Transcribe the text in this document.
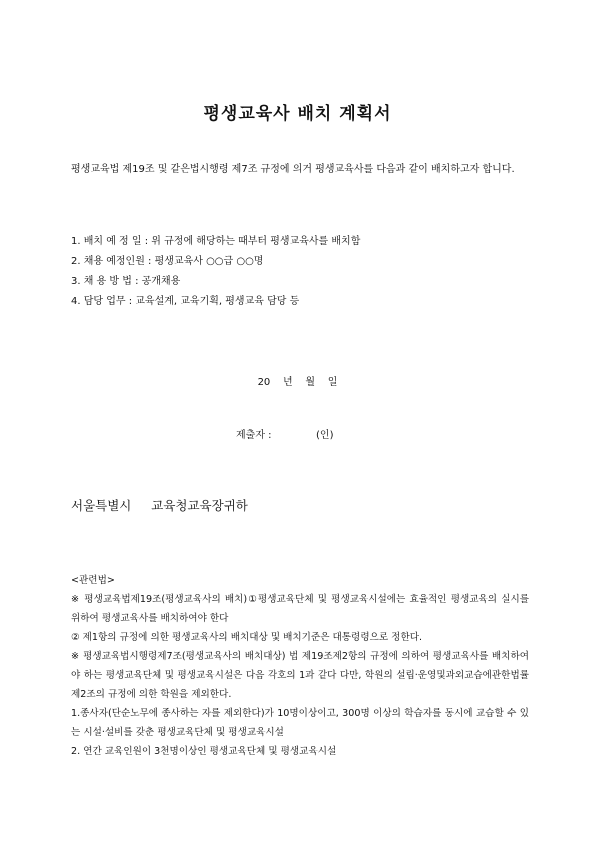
평생교육사 배치 계획서
평생교육법 제19조 및 같은법시행령 제7조 규정에 의거 평생교육사를 다음과 같이 배치하고자 합니다.
1. 배치 예 정 일 : 위 규정에 해당하는 때부터 평생교육사를 배치함
2. 채용 예정인원 : 평생교육사 ○○급 ○○명
3. 채 용 방 법 : 공개채용
4. 담당 업무 : 교육설계, 교육기획, 평생교육 담당 등
20    년    월    일
제출자 :              (인)
서울특별시     교육청교육장귀하
<관련법>
※ 평생교육법제19조(평생교육사의 배치)①평생교육단체 및 평생교육시설에는 효율적인 평생교육의 실시를 위하여 평생교육사를 배치하여야 한다
② 제1항의 규정에 의한 평생교육사의 배치대상 및 배치기준은 대통령령으로 정한다.
※ 평생교육법시행령제7조(평생교육사의 배치대상) 법 제19조제2항의 규정에 의하여 평생교육사를 배치하여야 하는 평생교육단체 및 평생교육시설은 다음 각호의 1과 같다 다만, 학원의 설립·운영및과외교습에관한법률 제2조의 규정에 의한 학원을 제외한다.
1.종사자(단순노무에 종사하는 자를 제외한다)가 10명이상이고, 300명 이상의 학습자를 동시에 교습할 수 있는 시설·설비를 갖춘 평생교육단체 및 평생교육시설
2. 연간 교육인원이 3천명이상인 평생교육단체 및 평생교육시설
